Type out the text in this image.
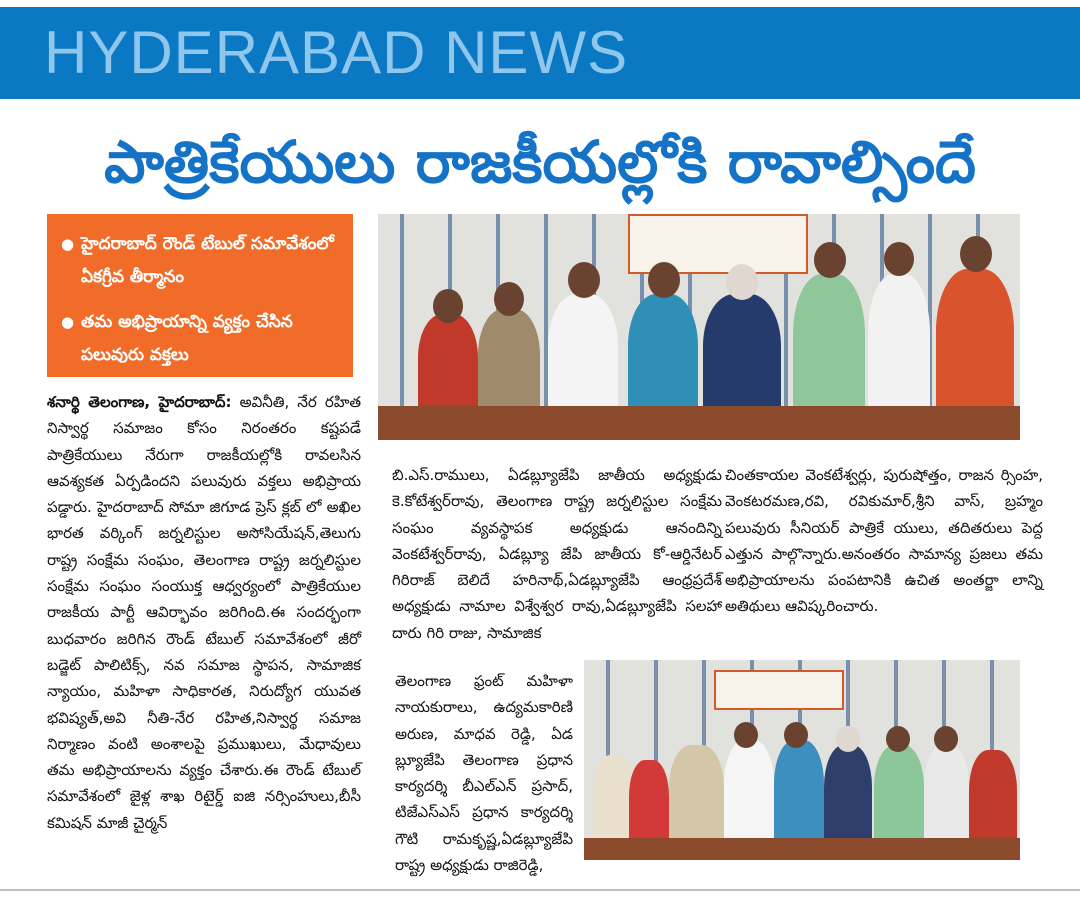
HYDERABAD NEWS
పాత్రికేయులు రాజకీయల్లోకి రావాల్సిందే
● హైదరాబాద్ రౌండ్ టేబుల్ సమావేశంలో ఏకగ్రీవ తీర్మానం
● తమ అభిప్రాయాన్ని వ్యక్తం చేసిన పలువురు వక్తలు
శనార్థి తెలంగాణ, హైదరాబాద్: అవినీతి, నేర రహిత నిస్వార్థ సమాజం కోసం నిరంతరం కష్టపడే పాత్రికేయులు నేరుగా రాజకీయల్లోకి రావలసిన ఆవశ్యకత ఏర్పడిందని పలువురు వక్తలు అభిప్రాయ పడ్డారు. హైదరాబాద్ సోమా జిగూడ ప్రెస్ క్లబ్ లో అఖిల భారత వర్కింగ్ జర్నలిస్టుల అసోసియేషన్,తెలుగు రాష్ట్ర సంక్షేమ సంఘం, తెలంగాణ రాష్ట్ర జర్నలిస్టుల సంక్షేమ సంఘం సంయుక్త ఆధ్వర్యంలో పాత్రికేయుల రాజకీయ పార్టీ ఆవిర్భావం జరిగింది.ఈ సందర్భంగా బుధవారం జరిగిన రౌండ్ టేబుల్ సమావేశంలో జీరో బడ్జెట్ పాలిటిక్స్, నవ సమాజ స్థాపన, సామాజిక న్యాయం, మహిళా సాధికారత, నిరుద్యోగ యువత భవిష్యత్,అవి నీతి-నేర రహిత,నిస్వార్థ సమాజ నిర్మాణం వంటి అంశాలపై ప్రముఖులు, మేధావులు తమ అభిప్రాయాలను వ్యక్తం చేశారు.ఈ రౌండ్ టేబుల్ సమావేశంలో జైళ్ల శాఖ రిటైర్డ్ ఐజి నర్సింహులు,బీసీ కమిషన్ మాజీ చైర్మన్
బి.ఎస్.రాములు, ఏడబ్ల్యూజేపి జాతీయ అధ్యక్షుడు కె.కోటేశ్వర్‌రావు, తెలంగాణ రాష్ట్ర జర్నలిస్టుల సంక్షేమ సంఘం వ్యవస్థాపక అధ్యక్షుడు ఆనందిన్ని వెంకటేశ్వర్‌రావు, ఏడబ్ల్యూ జేపి జాతీయ కో-ఆర్డినేటర్ గిరిరాజ్ బెలిదే హరినాథ్,ఏడబ్ల్యూజేపి ఆంధ్రప్రదేశ్ అధ్యక్షుడు నామాల విశ్వేశ్వర రావు,ఏడబ్ల్యూజేపి సలహా దారు గిరి రాజు, సామాజిక
తెలంగాణ ఫ్రంట్ మహిళా నాయకురాలు, ఉద్యమకారిణి అరుణ, మాధవ రెడ్డి, ఏడ బ్ల్యూజేపి తెలంగాణ ప్రధాన కార్యదర్శి బీఎల్ఎన్ ప్రసాద్, టిజేఎస్ఎస్ ప్రధాన కార్యదర్శి గౌటి రామకృష్ణ,ఏడబ్ల్యూజేపి రాష్ట్ర అధ్యక్షుడు రాజిరెడ్డి,
చింతకాయల వెంకటేశ్వర్లు, పురుషోత్తం, రాజన ర్సింహ, వెంకటరమణ,రవి, రవికుమార్,శ్రీని వాస్, బ్రహ్మం పలువురు సీనియర్ పాత్రికే యులు, తదితరులు పెద్ద ఎత్తున పాల్గొన్నారు.అనంతరం సామాన్య ప్రజలు తమ అభిప్రాయాలను పంపటానికి ఉచిత అంతర్జా లాన్ని అతిథులు ఆవిష్కరించారు.
